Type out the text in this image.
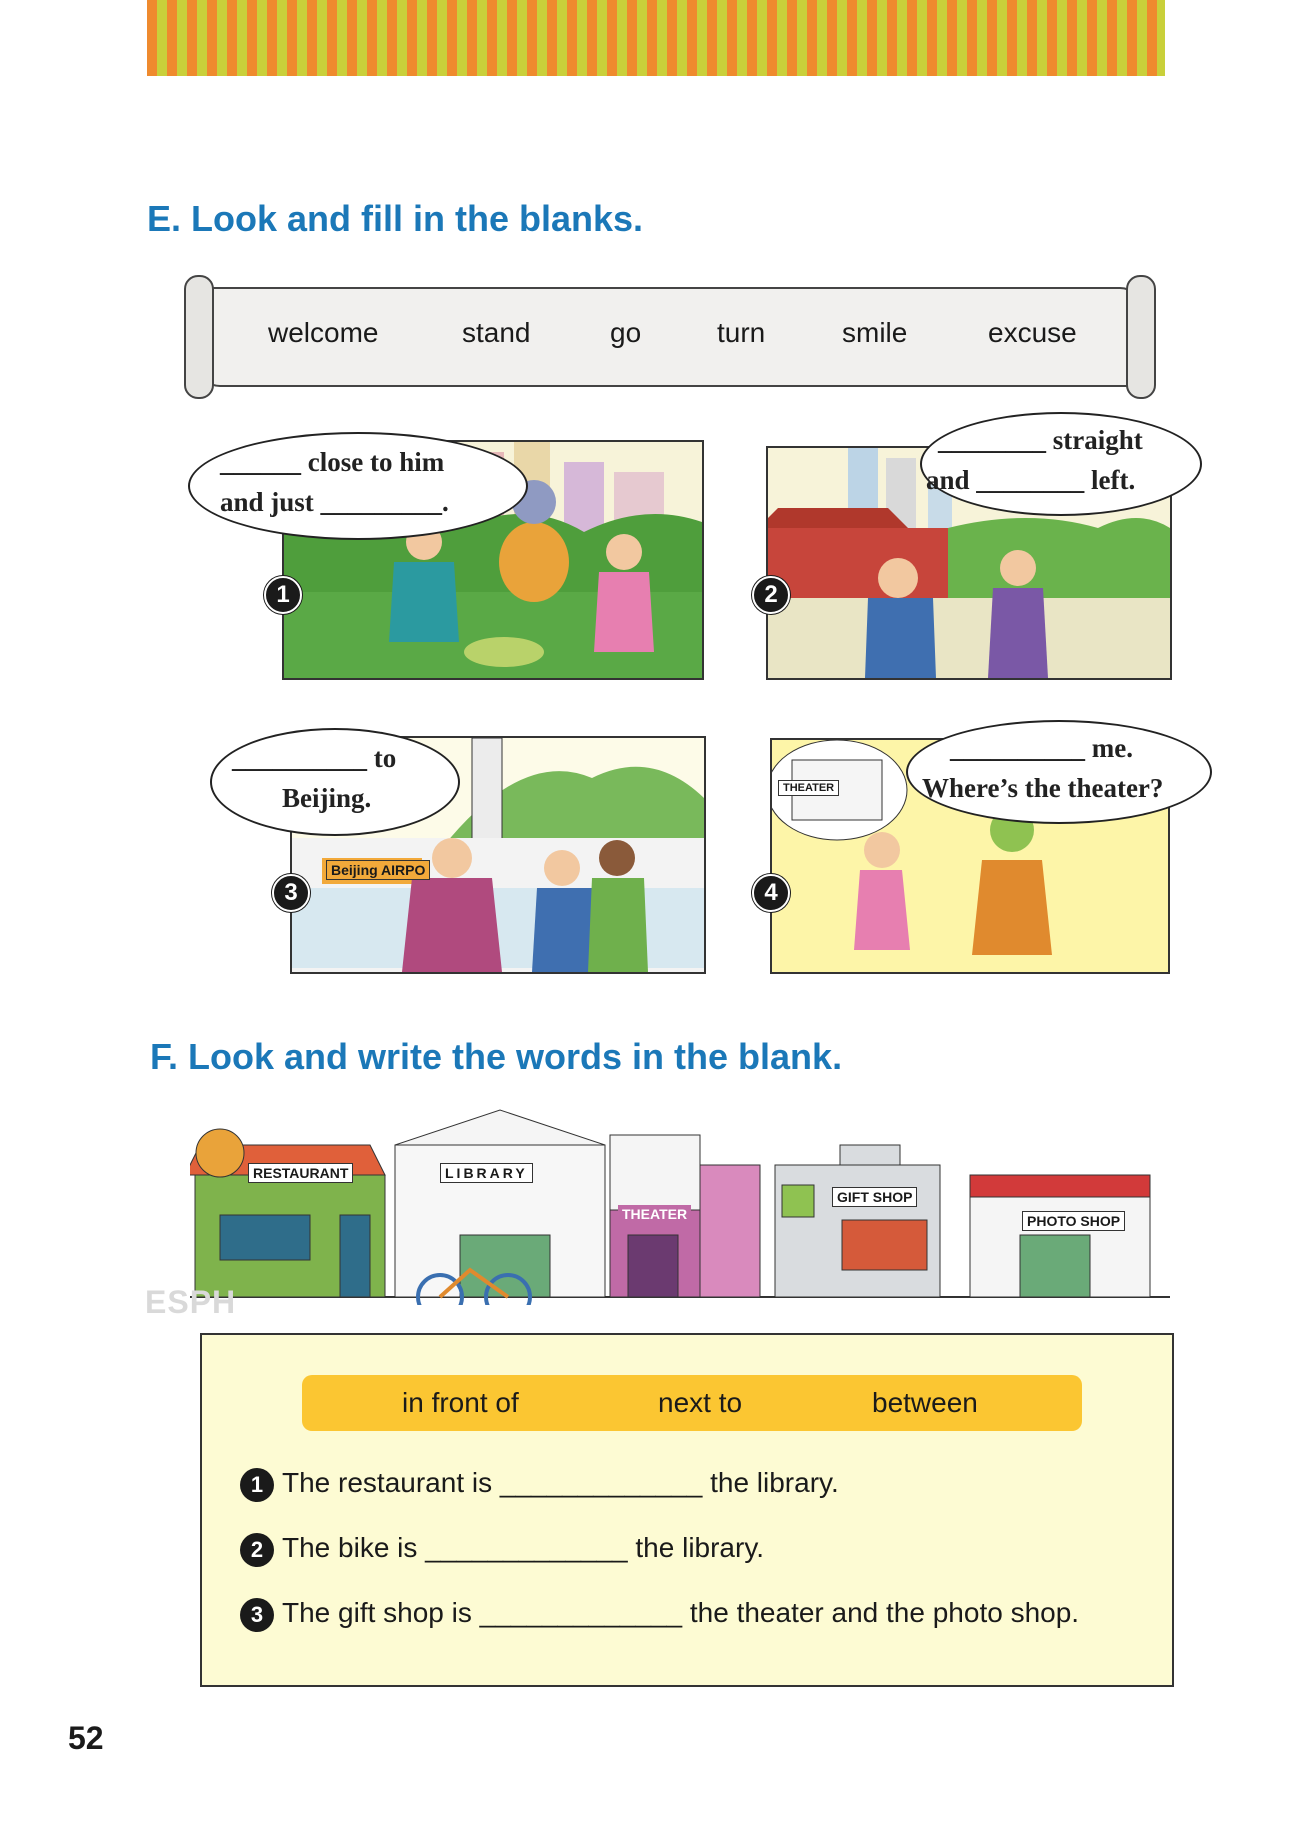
E. Look and fill in the blanks.
welcome	stand	go	turn	smile	excuse
______ close to him
and just _________.
1
________ straight
and ________ left.
2
Beijing AIRPO
__________ to
Beijing.
3
THEATER
__________ me.
Where’s the theater?
4
F. Look and write the words in the blank.
RESTAURANT	LIBRARY
THEATER
GIFT SHOP
PHOTO SHOP
ESPH
in front of	next to	between
1 The restaurant is _____________ the library.
2 The bike is _____________ the library.
3 The gift shop is _____________ the theater and the photo shop.
52
